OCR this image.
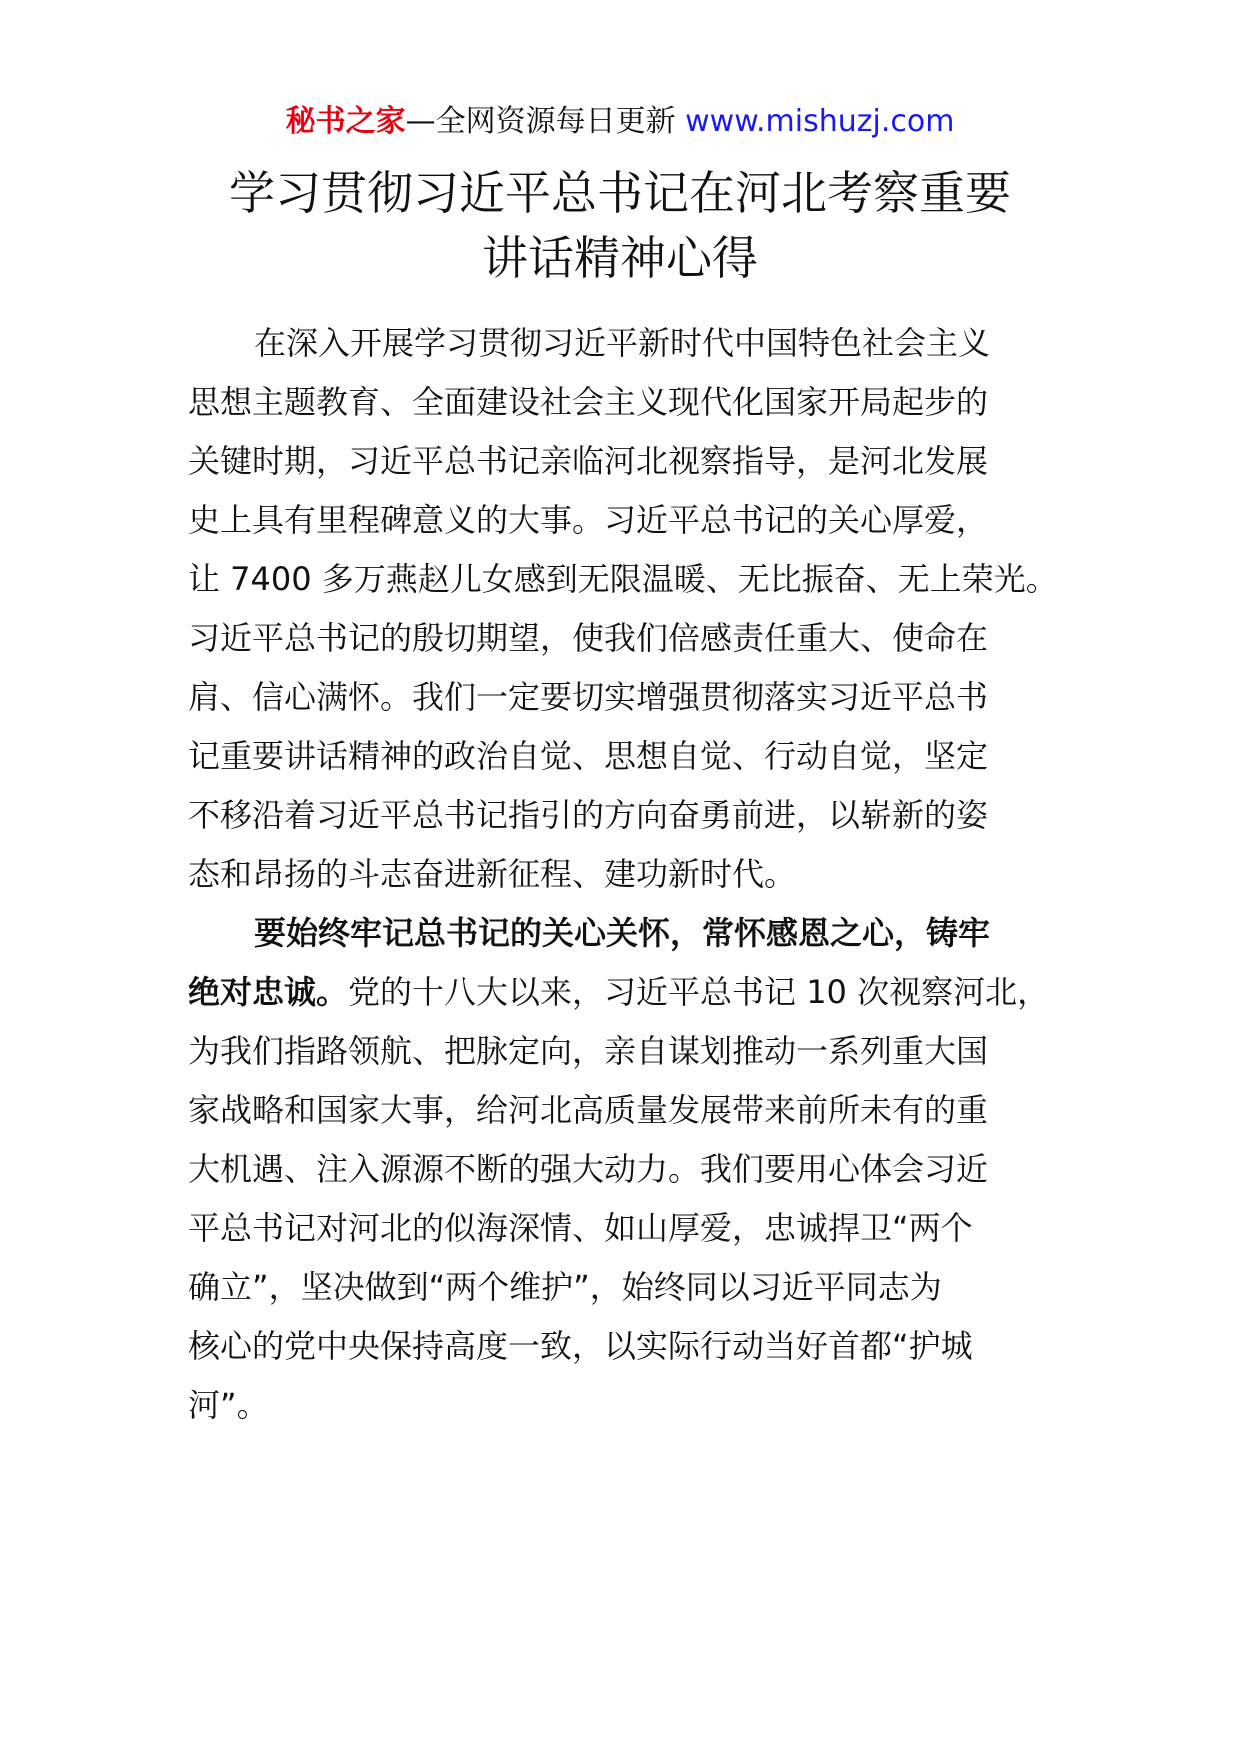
秘书之家—全网资源每日更新 www.mishuzj.com
学习贯彻习近平总书记在河北考察重要
讲话精神心得
在深入开展学习贯彻习近平新时代中国特色社会主义
思想主题教育、全面建设社会主义现代化国家开局起步的
关键时期，习近平总书记亲临河北视察指导，是河北发展
史上具有里程碑意义的大事。习近平总书记的关心厚爱，
让 7400 多万燕赵儿女感到无限温暖、无比振奋、无上荣光。
习近平总书记的殷切期望，使我们倍感责任重大、使命在
肩、信心满怀。我们一定要切实增强贯彻落实习近平总书
记重要讲话精神的政治自觉、思想自觉、行动自觉，坚定
不移沿着习近平总书记指引的方向奋勇前进，以崭新的姿
态和昂扬的斗志奋进新征程、建功新时代。
要始终牢记总书记的关心关怀，常怀感恩之心，铸牢
绝对忠诚。党的十八大以来，习近平总书记 10 次视察河北，
为我们指路领航、把脉定向，亲自谋划推动一系列重大国
家战略和国家大事，给河北高质量发展带来前所未有的重
大机遇、注入源源不断的强大动力。我们要用心体会习近
平总书记对河北的似海深情、如山厚爱，忠诚捍卫“两个
确立”，坚决做到“两个维护”，始终同以习近平同志为
核心的党中央保持高度一致，以实际行动当好首都“护城
河”。
